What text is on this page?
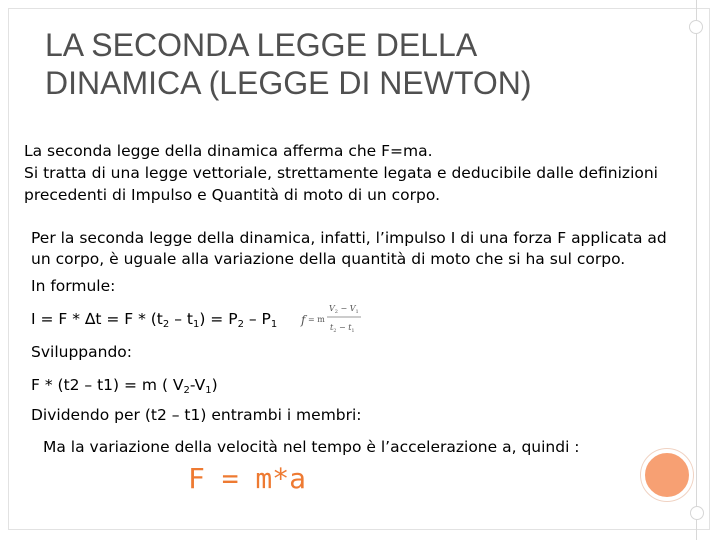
LA SECONDA LEGGE DELLA
DINAMICA (LEGGE DI NEWTON)

La seconda legge della dinamica afferma che F=ma.

Si tratta di una legge vettoriale, strettamente legata e deducibile dalle definizioni

precedenti di Impulso e Quantità di moto di un corpo.

Per la seconda legge della dinamica, infatti, l’impulso I di una forza F applicata ad

un corpo, è uguale alla variazione della quantità di moto che si ha sul corpo.

In formule:

$I = F * \Delta t = F * (t_2 - t_1) = P_2 - P_1$ f = m
$V_2 - V_1$
$t_2 - t_1$

Sviluppando:

F * (t2 – t1) = m ( $V_2-V_1$)

Dividendo per (t2 – t1) entrambi i membri:

Ma la variazione della velocità nel tempo è l’accelerazione a, quindi :

F = m*a
